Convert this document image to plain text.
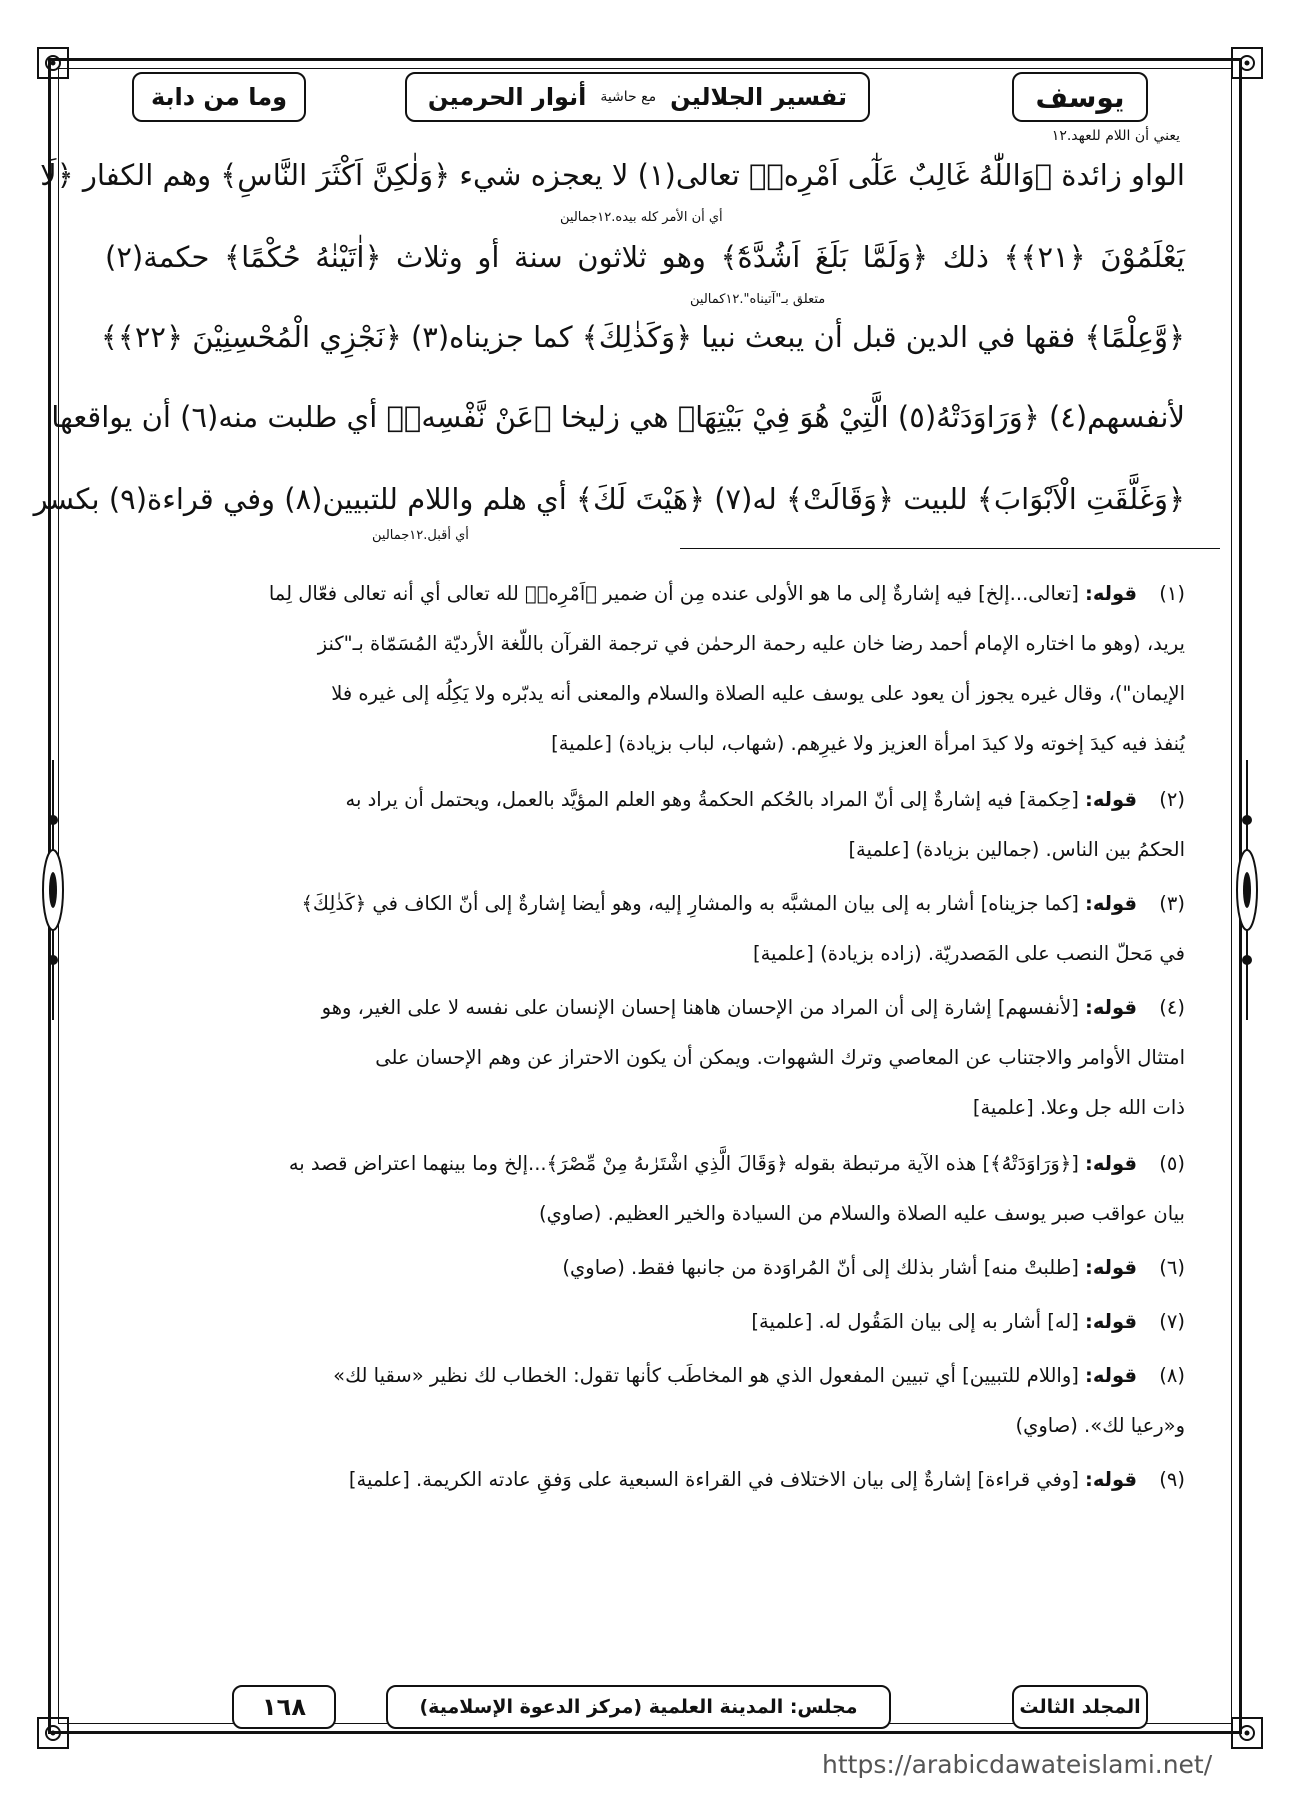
يوسف
أنوار الحرمين مع حاشية تفسير الجلالين
وما من دابة
يعني أن اللام للعهد.١٢
الواو زائدة ﴿وَاللّٰهُ غَالِبٌ عَلٰٓى اَمْرِهٖ﴾ تعالى(١) لا يعجزه شيء ﴿وَلٰكِنَّ اَكْثَرَ النَّاسِ﴾ وهم الكفار ﴿لَا
أي أن الأمر كله بيده.١٢جمالين
يَعْلَمُوْنَ ﴿٢١﴾﴾ ذلك ﴿وَلَمَّا بَلَغَ اَشُدَّهٗٓ﴾ وهو ثلاثون سنة أو وثلاث ﴿اٰتَيْنٰهُ حُكْمًا﴾ حكمة(٢)
متعلق بـ"آتيناه".١٢كمالين
﴿وَّعِلْمًا﴾ فقها في الدين قبل أن يبعث نبيا ﴿وَكَذٰلِكَ﴾ كما جزيناه(٣) ﴿نَجْزِي الْمُحْسِنِيْنَ ﴿٢٢﴾﴾
لأنفسهم(٤) ﴿وَرَاوَدَتْهُ(٥) الَّتِيْ هُوَ فِيْ بَيْتِهَا﴾ هي زليخا ﴿عَنْ نَّفْسِهٖ﴾ أي طلبت منه(٦) أن يواقعها
﴿وَغَلَّقَتِ الْاَبْوَابَ﴾ للبيت ﴿وَقَالَتْ﴾ له(٧) ﴿هَيْتَ لَكَ﴾ أي هلم واللام للتبيين(٨) وفي قراءة(٩) بكسر
أي أقبل.١٢جمالين
(١)قوله: [تعالى...إلخ] فيه إشارةٌ إلى ما هو الأولى عنده مِن أن ضمير ﴿اَمْرِهٖ﴾ لله تعالى أي أنه تعالى فعّال لِما
يريد، (وهو ما اختاره الإمام أحمد رضا خان عليه رحمة الرحمٰن في ترجمة القرآن باللّغة الأرديّة المُسَمّاة بـ"كنز
الإيمان")، وقال غيره يجوز أن يعود على يوسف عليه الصلاة والسلام والمعنى أنه يدبّره ولا يَكِلُه إلى غيره فلا
يُنفذ فيه كيدَ إخوته ولا كيدَ امرأة العزيز ولا غيرِهم. (شهاب، لباب بزيادة) [علمية]
(٢)قوله: [حِكمة] فيه إشارةٌ إلى أنّ المراد بالحُكم الحكمةُ وهو العلم المؤيَّد بالعمل، ويحتمل أن يراد به
الحكمُ بين الناس. (جمالين بزيادة) [علمية]
(٣)قوله: [كما جزيناه] أشار به إلى بيان المشبَّه به والمشارِ إليه، وهو أيضا إشارةٌ إلى أنّ الكاف في ﴿كَذٰلِكَ﴾
في مَحلّ النصب على المَصدريّة. (زاده بزيادة) [علمية]
(٤)قوله: [لأنفسهم] إشارة إلى أن المراد من الإحسان هاهنا إحسان الإنسان على نفسه لا على الغير، وهو
امتثال الأوامر والاجتناب عن المعاصي وترك الشهوات. ويمكن أن يكون الاحتراز عن وهم الإحسان على
ذات الله جل وعلا. [علمية]
(٥)قوله: [﴿وَرَاوَدَتْهُ﴾] هذه الآية مرتبطة بقوله ﴿وَقَالَ الَّذِي اشْتَرٰىهُ مِنْ مِّصْرَ﴾...إلخ وما بينهما اعتراض قصد به
بيان عواقب صبر يوسف عليه الصلاة والسلام من السيادة والخير العظيم. (صاوي)
(٦)قوله: [طلبتْ منه] أشار بذلك إلى أنّ المُراوَدة من جانبها فقط. (صاوي)
(٧)قوله: [له] أشار به إلى بيان المَقُول له. [علمية]
(٨)قوله: [واللام للتبيين] أي تبيين المفعول الذي هو المخاطَب كأنها تقول: الخطاب لك نظير «سقيا لك»
و«رعيا لك». (صاوي)
(٩)قوله: [وفي قراءة] إشارةٌ إلى بيان الاختلاف في القراءة السبعية على وَفقِ عادته الكريمة. [علمية]
المجلد الثالث
مجلس: المدينة العلمية (مركز الدعوة الإسلامية)
١٦٨
https://arabicdawateislami.net/
